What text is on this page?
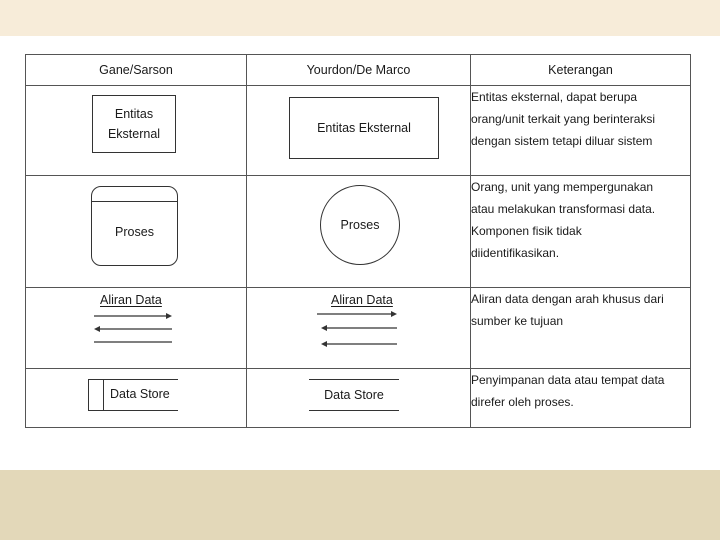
Gane/Sarson	Yourdon/De Marco	Keterangan

Entitas
Eksternal	Entitas Eksternal	Entitas eksternal, dapat berupa
orang/unit terkait yang berinteraksi
dengan sistem tetapi diluar sistem

Proses	Proses	Orang, unit yang mempergunakan
atau melakukan transformasi data.
Komponen fisik tidak
diidentifikasikan.

Aliran Data	Aliran Data	Aliran data dengan arah khusus dari
sumber ke tujuan

Data Store	Data Store	Penyimpanan data atau tempat data
direfer oleh proses.
